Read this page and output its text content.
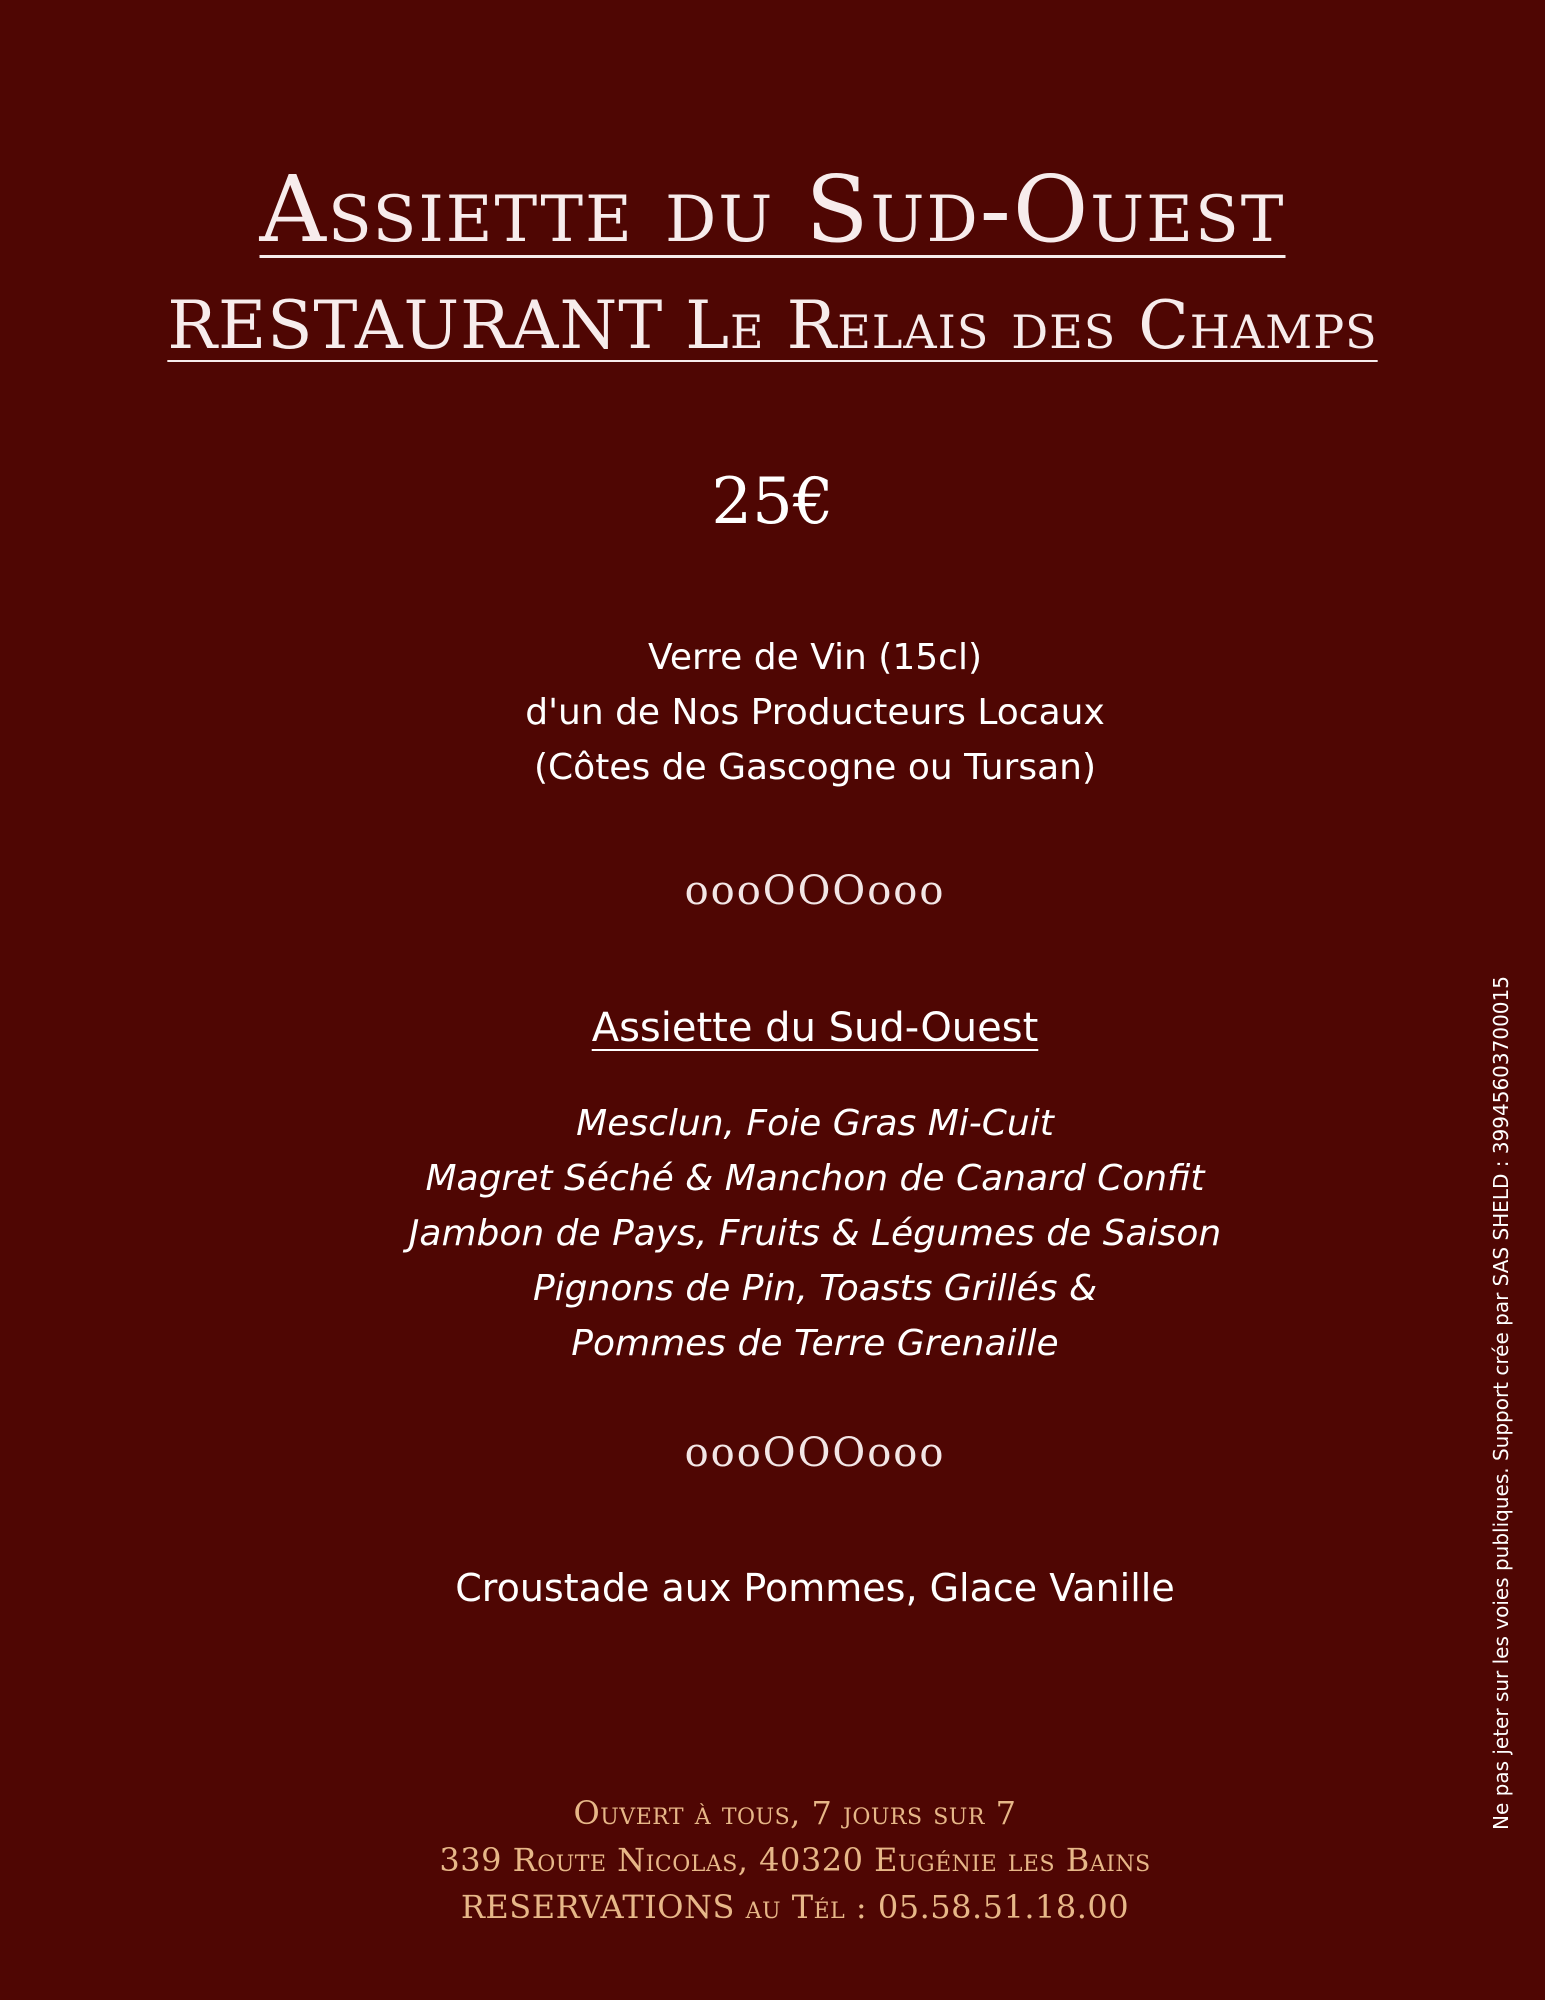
Assiette du Sud-Ouest
RESTAURANT Le Relais des Champs
25€
Verre de Vin (15cl)
d'un de Nos Producteurs Locaux
(Côtes de Gascogne ou Tursan)
oooOOOooo
Assiette du Sud-Ouest
Mesclun, Foie Gras Mi-Cuit
Magret Séché & Manchon de Canard Confit
Jambon de Pays, Fruits & Légumes de Saison
Pignons de Pin, Toasts Grillés &
Pommes de Terre Grenaille
oooOOOooo
Croustade aux Pommes, Glace Vanille
Ouvert à tous, 7 jours sur 7
339 Route Nicolas, 40320 Eugénie les Bains
RESERVATIONS au Tél : 05.58.51.18.00
Ne pas jeter sur les voies publiques. Support crée par SAS SHELD : 39945603700015
